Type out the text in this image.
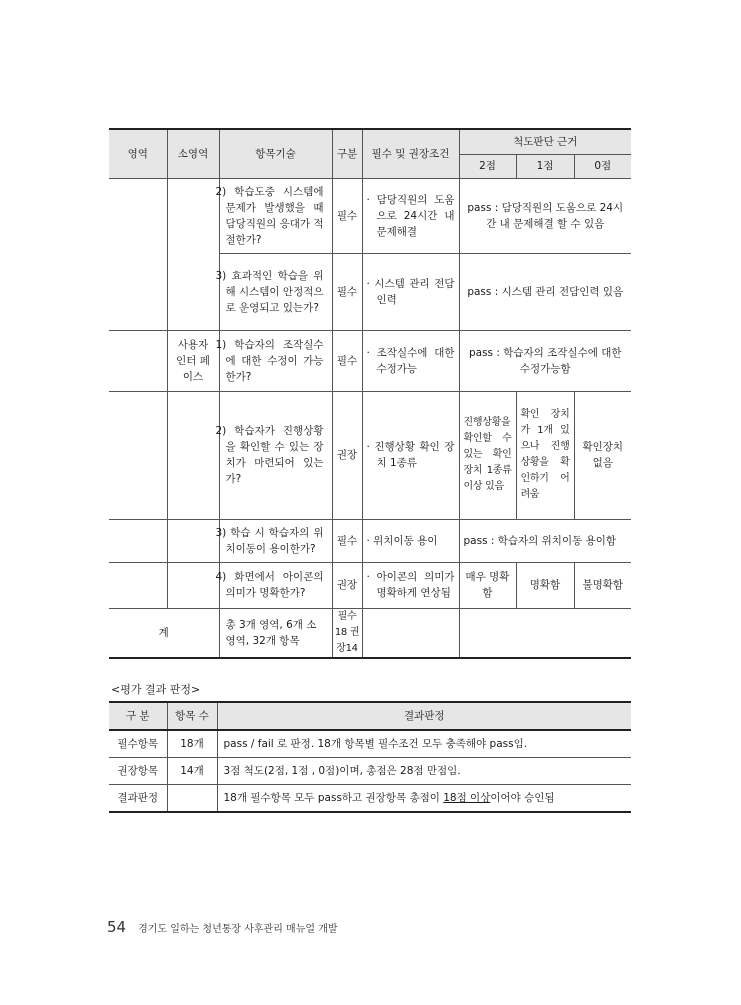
영역	소영역	항목기술	구분	필수 및 권장조건	척도판단 근거		
					2점	1점	0점
		2) 학습도중 시스템에 문제가 발생했을 때 담당직원의 응대가 적절한가?	필수	· 담당직원의 도움으로 24시간 내 문제해결	pass : 담당직원의 도움으로 24시간 내 문제해결 할 수 있음		
		3) 효과적인 학습을 위해 시스템이 안정적으로 운영되고 있는가?	필수	· 시스템 관리 전담 인력	pass : 시스템 관리 전담인력 있음		
	사용자 인터 페이스	1) 학습자의 조작실수에 대한 수정이 가능한가?	필수	· 조작실수에 대한 수정가능	pass : 학습자의 조작실수에 대한 수정가능함		
		2) 학습자가 진행상황을 확인할 수 있는 장치가 마련되어 있는가?	권장	· 진행상황 확인 장치 1종류	진행상황을 확인할 수 있는 확인장치 1종류 이상 있음	확인 장치가 1개 있으나 진행상황을 확인하기 어려움	확인장치 없음
		3) 학습 시 학습자의 위치이동이 용이한가?	필수	· 위치이동 용이	pass : 학습자의 위치이동 용이함		
		4) 화면에서 아이콘의 의미가 명확한가?	권장	· 아이콘의 의미가 명확하게 연상됨	매우 명확함	명확함	불명확함
계		총 3개 영역, 6개 소영역, 32개 항목	필수18 권장14				
<평가 결과 판정>
구 분	항목 수	결과판정
필수항목	18개	pass / fail 로 판정. 18개 항목별 필수조건 모두 충족해야 pass임.
권장항목	14개	3점 척도(2점, 1점 , 0점)이며, 총점은 28점 만점임.
결과판정		18개 필수항목 모두 pass하고 권장항목 총점이 18점 이상이어야 승인됨
54 경기도 일하는 청년통장 사후관리 매뉴얼 개발
